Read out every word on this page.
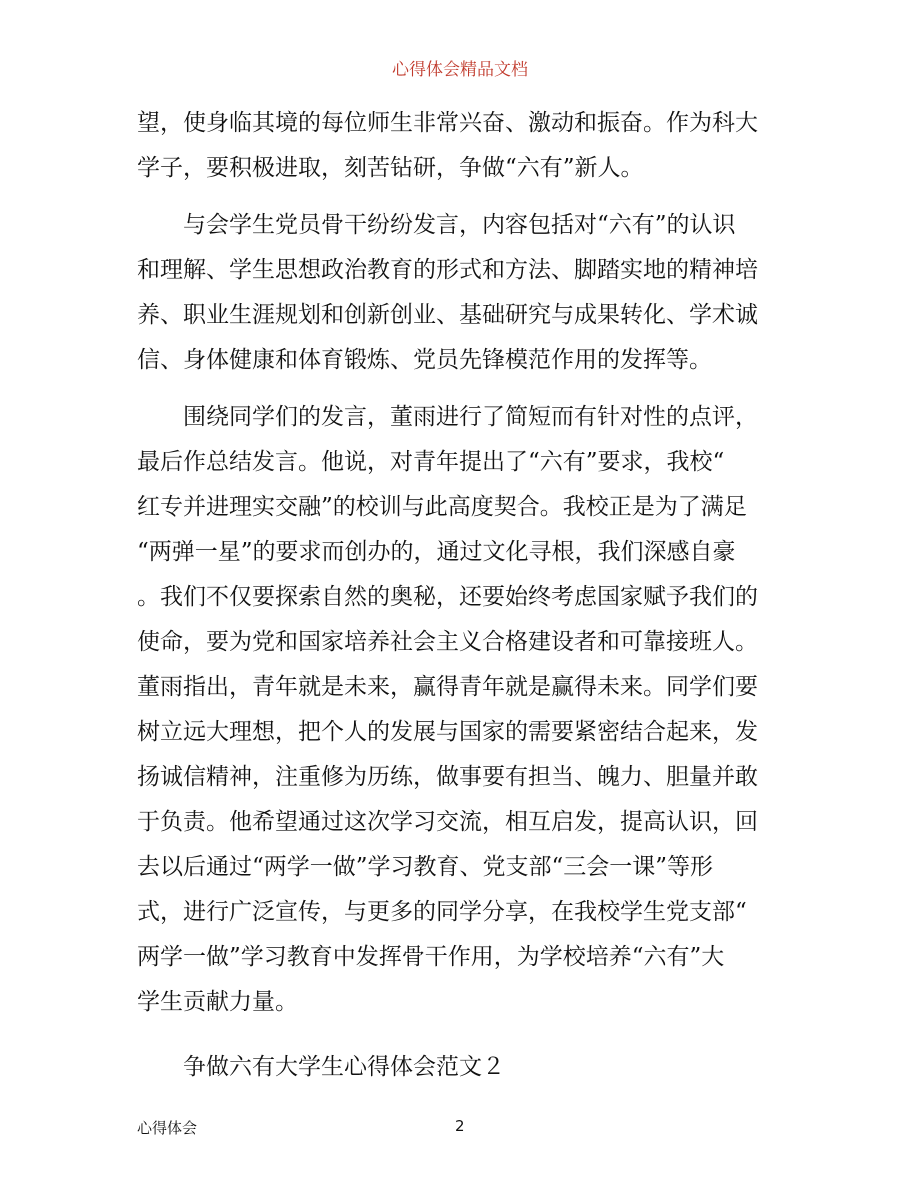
心得体会精品文档
望，使身临其境的每位师生非常兴奋、激动和振奋。作为科大
学子，要积极进取，刻苦钻研，争做“六有”新人。
与会学生党员骨干纷纷发言，内容包括对“六有”的认识
和理解、学生思想政治教育的形式和方法、脚踏实地的精神培
养、职业生涯规划和创新创业、基础研究与成果转化、学术诚
信、身体健康和体育锻炼、党员先锋模范作用的发挥等。
围绕同学们的发言，董雨进行了简短而有针对性的点评，
最后作总结发言。他说，对青年提出了“六有”要求，我校“
红专并进理实交融”的校训与此高度契合。我校正是为了满足
“两弹一星”的要求而创办的，通过文化寻根，我们深感自豪
。我们不仅要探索自然的奥秘，还要始终考虑国家赋予我们的
使命，要为党和国家培养社会主义合格建设者和可靠接班人。
董雨指出，青年就是未来，赢得青年就是赢得未来。同学们要
树立远大理想，把个人的发展与国家的需要紧密结合起来，发
扬诚信精神，注重修为历练，做事要有担当、魄力、胆量并敢
于负责。他希望通过这次学习交流，相互启发，提高认识，回
去以后通过“两学一做”学习教育、党支部“三会一课”等形
式，进行广泛宣传，与更多的同学分享，在我校学生党支部“
两学一做”学习教育中发挥骨干作用，为学校培养“六有”大
学生贡献力量。
争做六有大学生心得体会范文２
心得体会	2
